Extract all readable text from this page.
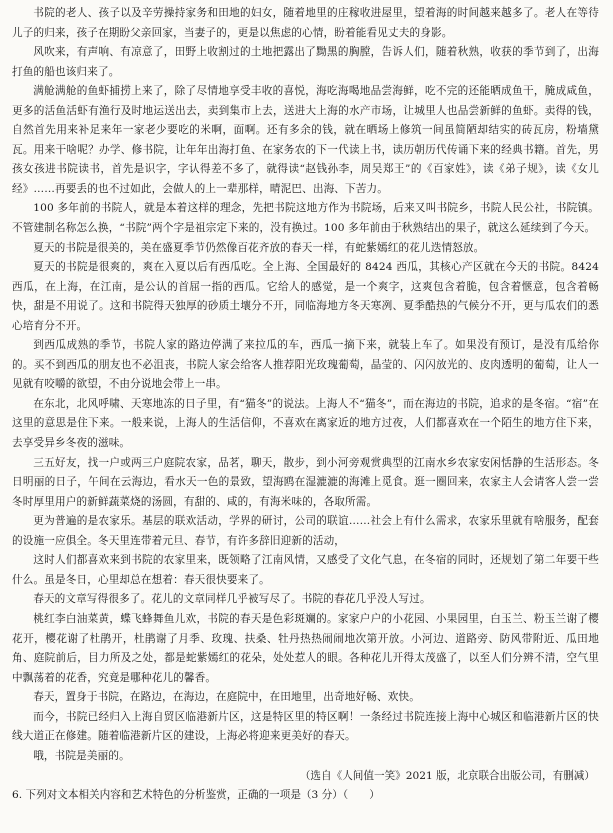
书院的老人、孩子以及辛劳操持家务和田地的妇女，随着地里的庄稼收进屋里，望着海的时间越来越多了。老人在等待儿子的归来，孩子在期盼父亲回家，当妻子的，更是以焦虑的心情，盼着能看见丈夫的身影。

风吹来，有声响、有凉意了，田野上收割过的土地把露出了黝黑的胸膛，告诉人们，随着秋熟，收获的季节到了，出海打鱼的船也该归来了。

满舱满舱的鱼虾捕捞上来了，除了尽情地享受丰收的喜悦，海吃海喝地品尝海鲜，吃不完的还能晒成鱼干，腌成咸鱼，更多的活鱼活虾有渔行及时地运送出去，卖到集市上去，送进大上海的水产市场，让城里人也品尝新鲜的鱼虾。卖得的钱，自然首先用来补足来年一家老少要吃的米啊，面啊。还有多余的钱，就在晒场上修筑一间虽简陋却结实的砖瓦房，粉墙黛瓦。用来干啥呢？办学、修书院，让年年出海打鱼、在家务农的下一代读上书，读历朝历代传诵下来的经典书籍。首先，男孩女孩进书院读书，首先是识字，字认得差不多了，就得读“赵钱孙李，周吴郑王”的《百家姓》，读《弟子规》，读《女儿经》……再要丢的也不过如此，会做人的上一辈那样，晴泥巴、出海、下苦力。

100 多年前的书院人，就是本着这样的理念，先把书院这地方作为书院场，后来又叫书院乡，书院人民公社，书院镇。不管建制名称怎么换，“书院”两个字是祖宗定下来的，没有换过。100 多年前由于秋熟结出的果子，就这么延续到了今天。

夏天的书院是很美的，美在盛夏季节仍然像百花齐放的春天一样，有蛇紫嫣红的花儿迭情怒放。

夏天的书院是很爽的，爽在入夏以后有西瓜吃。全上海、全国最好的 8424 西瓜，其核心产区就在今天的书院。8424 西瓜，在上海，在江南，是公认的首屈一指的西瓜。它给人的感觉，是一个爽字，这爽包含着脆，包含着惬意，包含着畅快，甜是不用说了。这和书院得天独厚的砂质土壤分不开，同临海地方冬天寒冽、夏季酷热的气候分不开，更与瓜农们的悉心培育分不开。

到西瓜成熟的季节，书院人家的路边停满了来拉瓜的车，西瓜一摘下来，就装上车了。如果没有预订，是没有瓜给你的。买不到西瓜的朋友也不必沮丧，书院人家会给客人推荐阳光玫瑰葡萄，晶莹的、闪闪放光的、皮肉透明的葡萄，让人一见就有咬嚼的欲望，不由分说地会带上一串。

在东北，北风呼啸、天寒地冻的日子里，有“猫冬”的说法。上海人不“猫冬”，而在海边的书院，追求的是冬宿。“宿”在这里的意思是住下来。一般来说，上海人的生活信仰，不喜欢在离家近的地方过夜，人们都喜欢在一个陌生的地方住下来，去享受异乡冬夜的滋味。

三五好友，找一户或两三户庭院农家，品茗，聊天，散步，到小河旁观赏典型的江南水乡农家安闲恬静的生活形态。冬日明丽的日子，午间在云海边，看水天一色的景致，望海鸥在湿漉漉的海滩上觅食。逛一圈回来，农家主人会请客人尝一尝冬时厚里用户的新鲜蔬菜烧的汤圆，有甜的、咸的，有海米味的，各取所需。

更为普遍的是农家乐。基层的联欢活动，学界的研讨，公司的联谊……社会上有什么需求，农家乐里就有啥服务，配套的设施一应俱全。冬天里连带着元旦、春节，有许多辞旧迎新的活动，

这时人们都喜欢来到书院的农家里来，既领略了江南风情，又感受了文化气息，在冬宿的同时，还规划了第二年要干些什么。虽是冬日，心里却总在想着：春天很快要来了。

春天的文章写得很多了。花儿的文章同样几乎被写尽了。书院的春花几乎没人写过。

桃红李白油菜黄，蝶飞蜂舞鱼儿欢，书院的春天是色彩斑斓的。家家户户的小花园、小果园里，白玉兰、粉玉兰谢了樱花开，樱花谢了杜鹃开，杜鹃谢了月季、玫瑰、扶桑、牡丹热热闹闹地次第开放。小河边、道路旁、防风带附近、瓜田地角、庭院前后，目力所及之处，都是蛇紫嫣红的花朵，处处惹人的眼。各种花儿开得太茂盛了，以至人们分辨不清，空气里中飘荡着的花香，究竟是哪种花儿的馨香。

春天，置身于书院，在路边，在海边，在庭院中，在田地里，出奇地好畅、欢快。

而今，书院已经归入上海自贸区临港新片区，这是特区里的特区啊！一条经过书院连接上海中心城区和临港新片区的快线大道正在修建。随着临港新片区的建设，上海必将迎来更美好的春天。

哦，书院是美丽的。

（选自《人间值一笑》2021 版，北京联合出版公司，有删减）

6. 下列对文本相关内容和艺术特色的分析鉴赏，正确的一项是（3 分）（　　）
